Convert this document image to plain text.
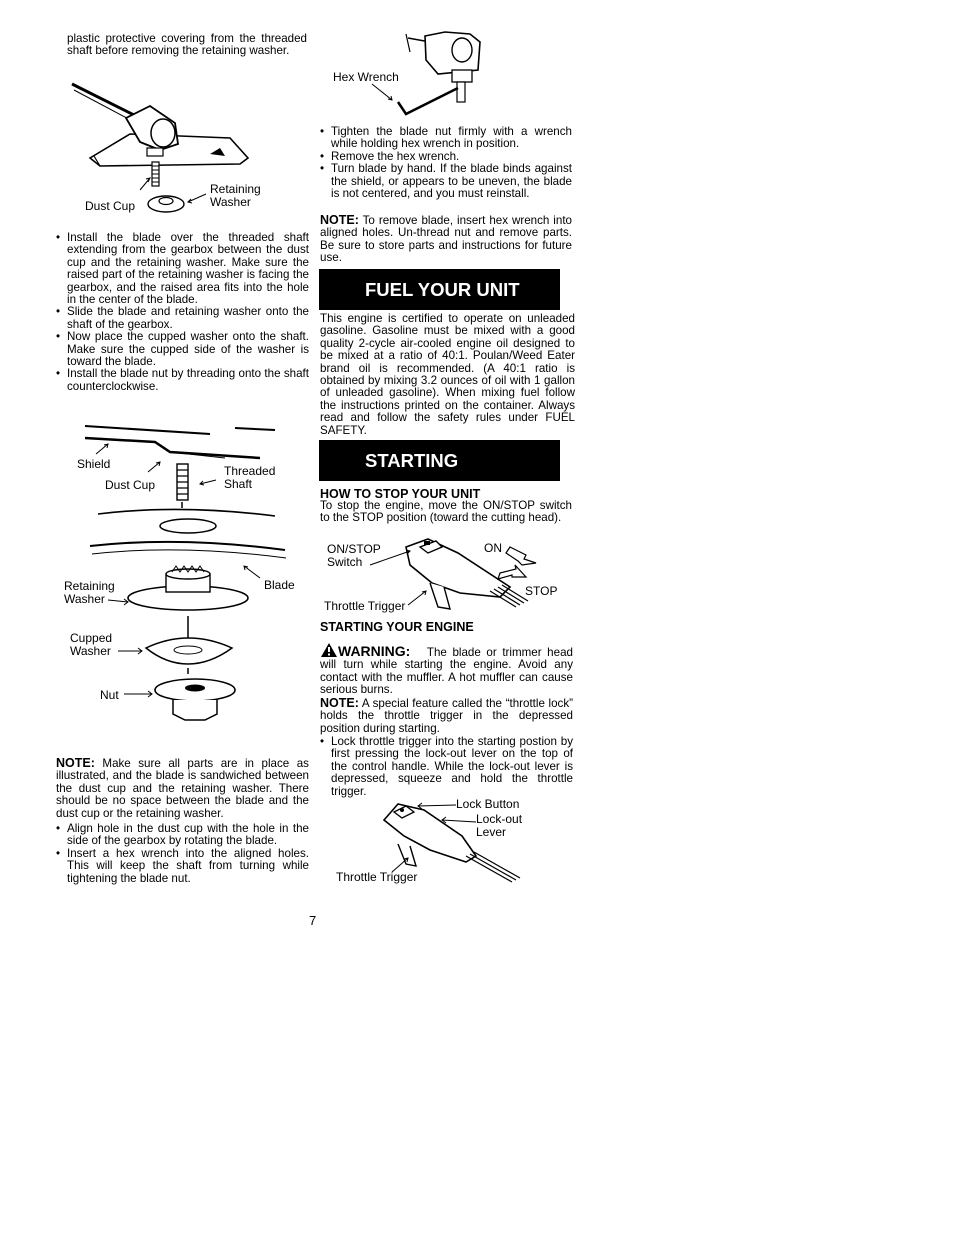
plastic protective covering from the threaded shaft before removing the retaining washer.
Dust Cup
Retaining
Washer
• Install the blade over the threaded shaft extending from the gearbox between the dust cup and the retaining washer. Make sure the raised part of the retaining washer is facing the gearbox, and the raised area fits into the hole in the center of the blade.
• Slide the blade and retaining washer onto the shaft of the gearbox.
• Now place the cupped washer onto the shaft. Make sure the cupped side of the washer is toward the blade.
• Install the blade nut by threading onto the shaft counterclockwise.
Shield	Threaded
Shaft
Dust Cup
Retaining
Washer
Blade
Cupped
Washer
Nut
NOTE: Make sure all parts are in place as illustrated, and the blade is sandwiched between the dust cup and the retaining washer. There should be no space between the blade and the dust cup or the retaining washer.
• Align hole in the dust cup with the hole in the side of the gearbox by rotating the blade.
• Insert a hex wrench into the aligned holes. This will keep the shaft from turning while tightening the blade nut.
7
Hex Wrench
• Tighten the blade nut firmly with a wrench while holding hex wrench in position.
• Remove the hex wrench.
• Turn blade by hand. If the blade binds against the shield, or appears to be uneven, the blade is not centered, and you must reinstall.
NOTE: To remove blade, insert hex wrench into aligned holes. Un-thread nut and remove parts. Be sure to store parts and instructions for future use.
FUEL YOUR UNIT
This engine is certified to operate on unleaded gasoline. Gasoline must be mixed with a good quality 2-cycle air-cooled engine oil designed to be mixed at a ratio of 40:1. Poulan/Weed Eater brand oil is recommended. (A 40:1 ratio is obtained by mixing 3.2 ounces of oil with 1 gallon of unleaded gasoline). When mixing fuel follow the instructions printed on the container. Always read and follow the safety rules under FUEL SAFETY.
STARTING
HOW TO STOP YOUR UNIT
To stop the engine, move the ON/STOP switch to the STOP position (toward the cutting head).
ON/STOP
Switch
ON
STOP
Throttle Trigger
STARTING YOUR ENGINE
WARNING: The blade or trimmer head will turn while starting the engine. Avoid any contact with the muffler. A hot muffler can cause serious burns.
NOTE: A special feature called the “throttle lock” holds the throttle trigger in the depressed position during starting.
• Lock throttle trigger into the starting postion by first pressing the lock-out lever on the top of the control handle. While the lock-out lever is depressed, squeeze and hold the throttle trigger.
Lock Button
Lock-out
Lever
Throttle Trigger
